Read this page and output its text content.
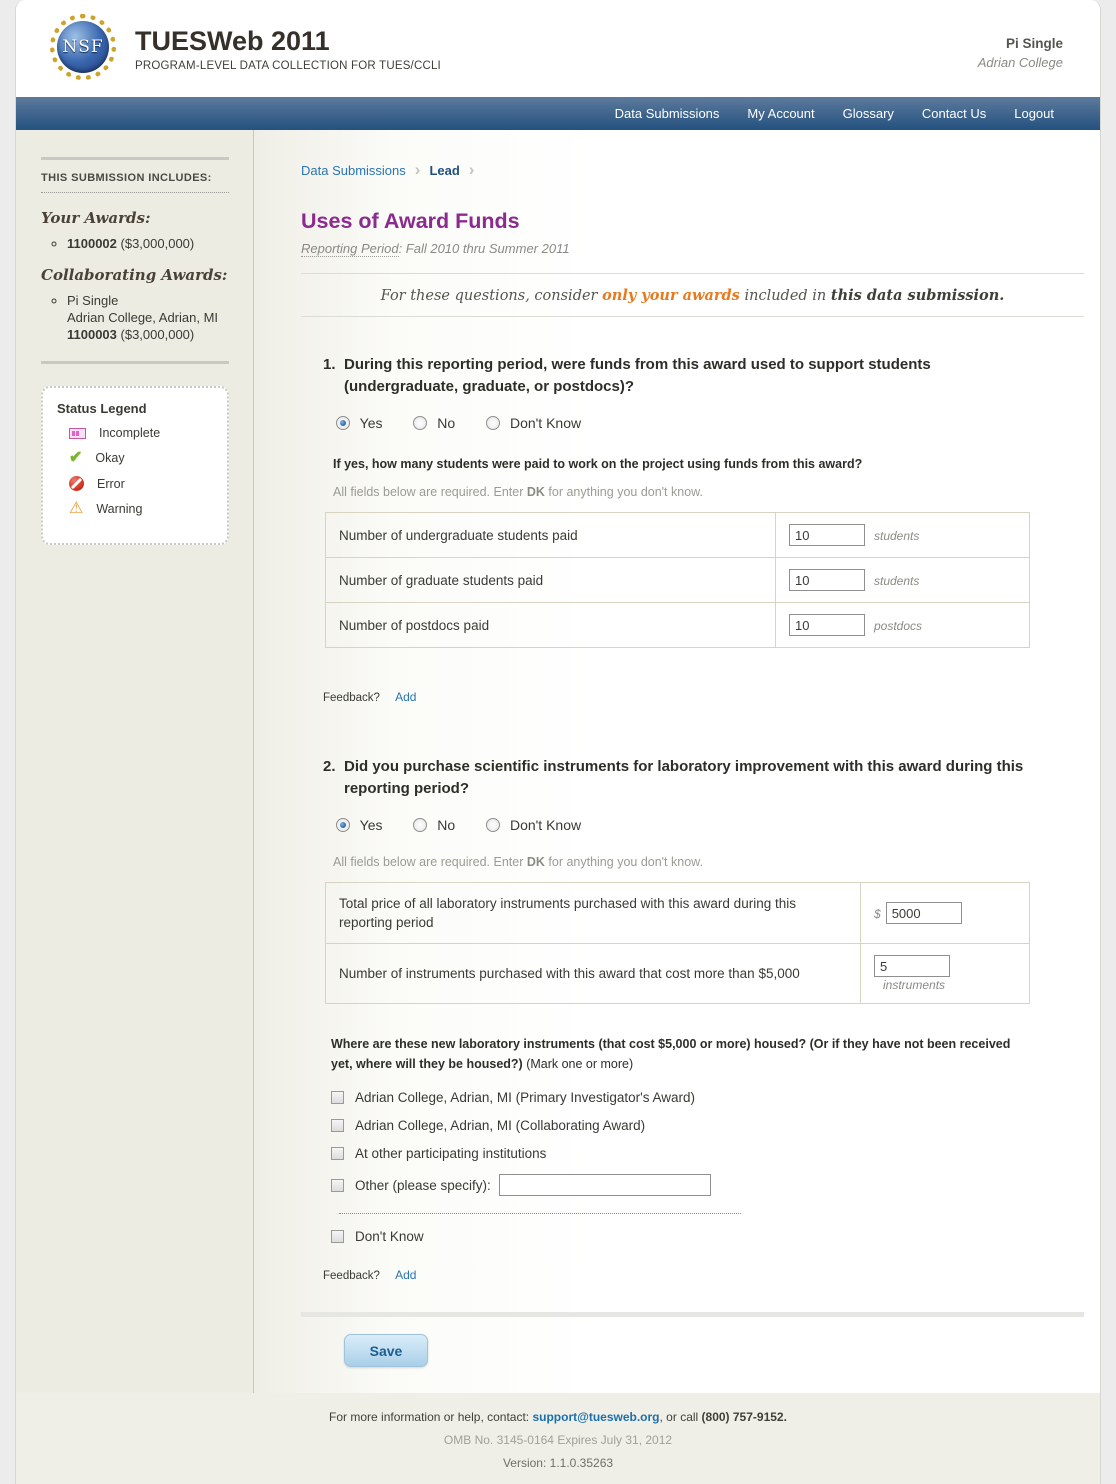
NSF TUESWeb 2011
PROGRAM-LEVEL DATA COLLECTION FOR TUES/CCLI
Pi Single
Adrian College
Data Submissions	My Account	Glossary	Contact Us	Logout
THIS SUBMISSION INCLUDES:
Your Awards:
◦ 1100002 ($3,000,000)
Collaborating Awards:
◦ Pi Single
Adrian College, Adrian, MI
1100003 ($3,000,000)
Status Legend
Incomplete
✔ Okay
Error
⚠ Warning
Data Submissions › Lead ›
Uses of Award Funds
Reporting Period: Fall 2010 thru Summer 2011
For these questions, consider only your awards included in this data submission.
1. During this reporting period, were funds from this award used to support students (undergraduate, graduate, or postdocs)?
Yes	No	Don't Know
If yes, how many students were paid to work on the project using funds from this award?
All fields below are required. Enter DK for anything you don't know.
Number of undergraduate students paid	10students
Number of graduate students paid	10students
Number of postdocs paid	10postdocs
Feedback? Add
2. Did you purchase scientific instruments for laboratory improvement with this award during this reporting period?
Yes	No	Don't Know
All fields below are required. Enter DK for anything you don't know.
Total price of all laboratory instruments purchased with this award during this reporting period	$5000
Number of instruments purchased with this award that cost more than $5,000	5instruments
Where are these new laboratory instruments (that cost $5,000 or more) housed? (Or if they have not been received yet, where will they be housed?) (Mark one or more)
Adrian College, Adrian, MI (Primary Investigator's Award)
Adrian College, Adrian, MI (Collaborating Award)
At other participating institutions
Other (please specify):
Don't Know
Feedback? Add
Save
For more information or help, contact: support@tuesweb.org, or call (800) 757-9152.
OMB No. 3145-0164 Expires July 31, 2012
Version: 1.1.0.35263
